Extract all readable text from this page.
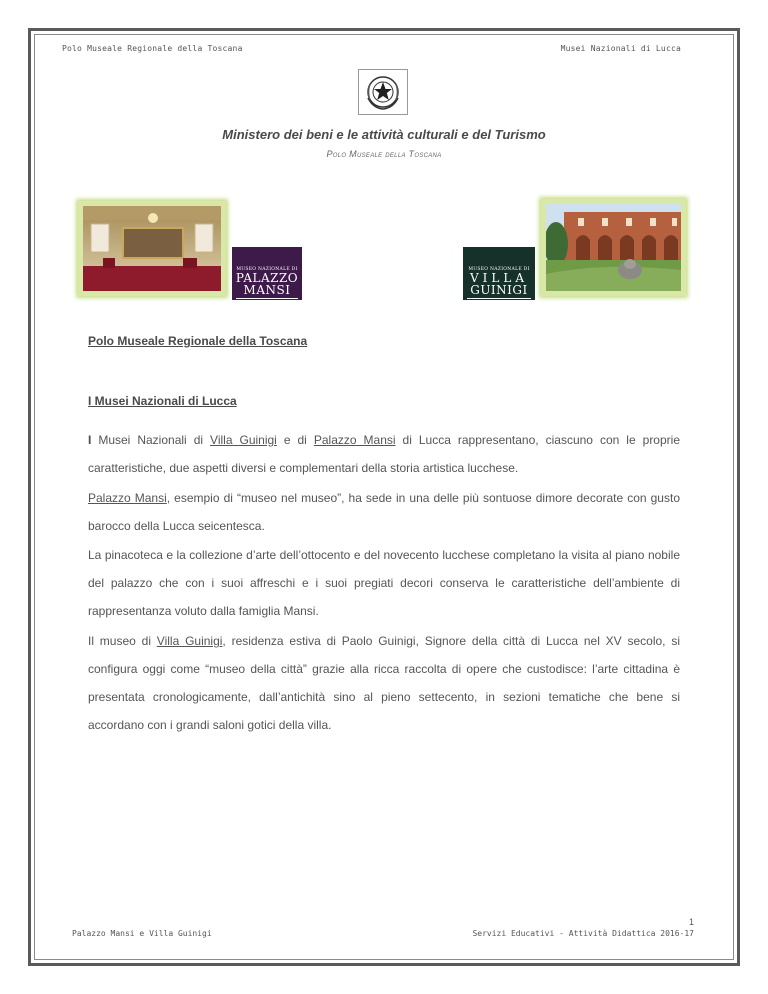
Polo Museale Regionale della Toscana	Musei Nazionali di Lucca
Ministero dei beni e le attività culturali e del Turismo
Polo Museale della Toscana
MUSEO NAZIONALE DI
PALAZZO
MANSI
LUCCA
MUSEO NAZIONALE DI
VILLA
GUINIGI
LUCCA
Polo Museale Regionale della Toscana
I Musei Nazionali di Lucca
I Musei Nazionali di Villa Guinigi e di Palazzo Mansi di Lucca rappresentano, ciascuno con le proprie caratteristiche, due aspetti diversi e complementari della storia artistica lucchese.
Palazzo Mansi, esempio di “museo nel museo”, ha sede in una delle più sontuose dimore decorate con gusto barocco della Lucca seicentesca.
La pinacoteca e la collezione d’arte dell’ottocento e del novecento lucchese completano la visita al piano nobile del palazzo che con i suoi affreschi e i suoi pregiati decori conserva le caratteristiche dell’ambiente di rappresentanza voluto dalla famiglia Mansi.
Il museo di Villa Guinigi, residenza estiva di Paolo Guinigi, Signore della città di Lucca nel XV secolo, si configura oggi come “museo della città” grazie alla ricca raccolta di opere che custodisce: l’arte cittadina è presentata cronologicamente, dall’antichità sino al pieno settecento, in sezioni tematiche che bene si accordano con i grandi saloni gotici della villa.
Palazzo Mansi e Villa Guinigi
1
Servizi Educativi - Attività Didattica 2016-17
